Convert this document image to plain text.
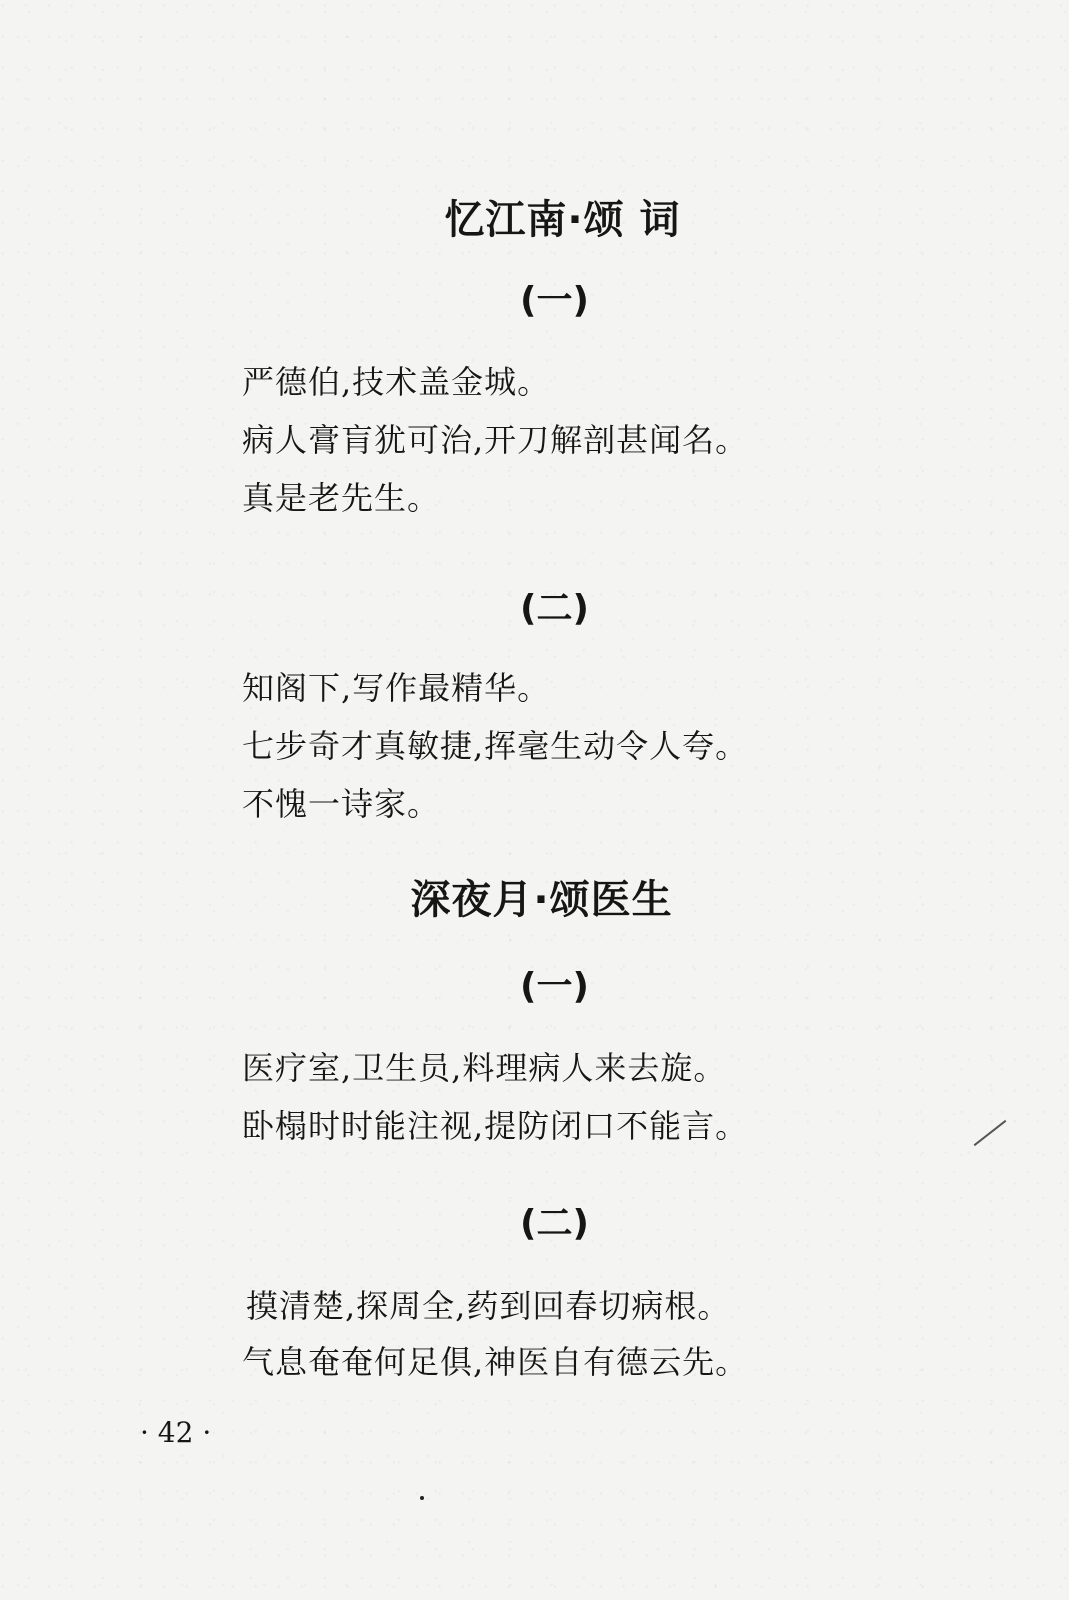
忆江南·颂 词
(一)
严德伯,技术盖金城。
病人膏肓犹可治,开刀解剖甚闻名。
真是老先生。
(二)
知阁下,写作最精华。
七步奇才真敏捷,挥毫生动令人夸。
不愧一诗家。
深夜月·颂医生
(一)
医疗室,卫生员,料理病人来去旋。
卧榻时时能注视,提防闭口不能言。
(二)
摸清楚,探周全,药到回春切病根。
气息奄奄何足俱,神医自有德云先。
· 42 ·
